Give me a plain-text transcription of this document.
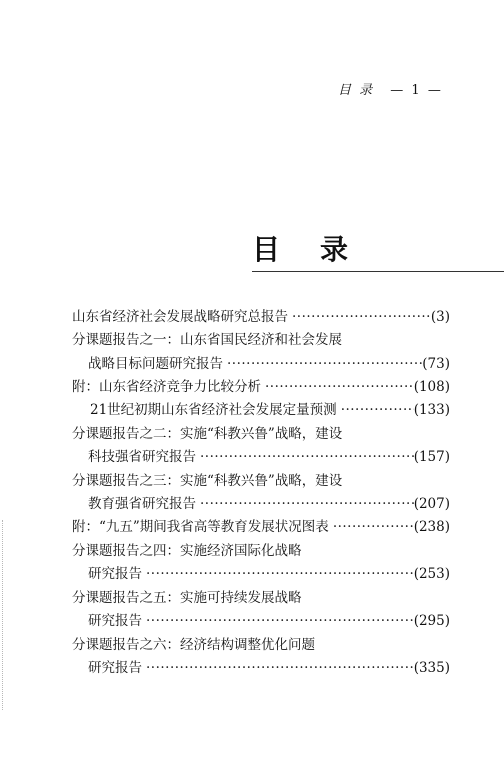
目 录 — 1 —
目录
山东省经济社会发展战略研究总报告 ·····	(3)
分课题报告之一：山东省国民经济和社会发展
战略目标问题研究报告 ·····	(73)
附：山东省经济竞争力比较分析 ·····	(108)
21世纪初期山东省经济社会发展定量预测 ·····	(133)
分课题报告之二：实施“科教兴鲁”战略，建设
科技强省研究报告 ·····	(157)
分课题报告之三：实施“科教兴鲁”战略，建设
教育强省研究报告 ·····	(207)
附：“九五”期间我省高等教育发展状况图表 ·····	(238)
分课题报告之四：实施经济国际化战略
研究报告 ·····	(253)
分课题报告之五：实施可持续发展战略
研究报告 ·····	(295)
分课题报告之六：经济结构调整优化问题
研究报告 ·····	(335)
